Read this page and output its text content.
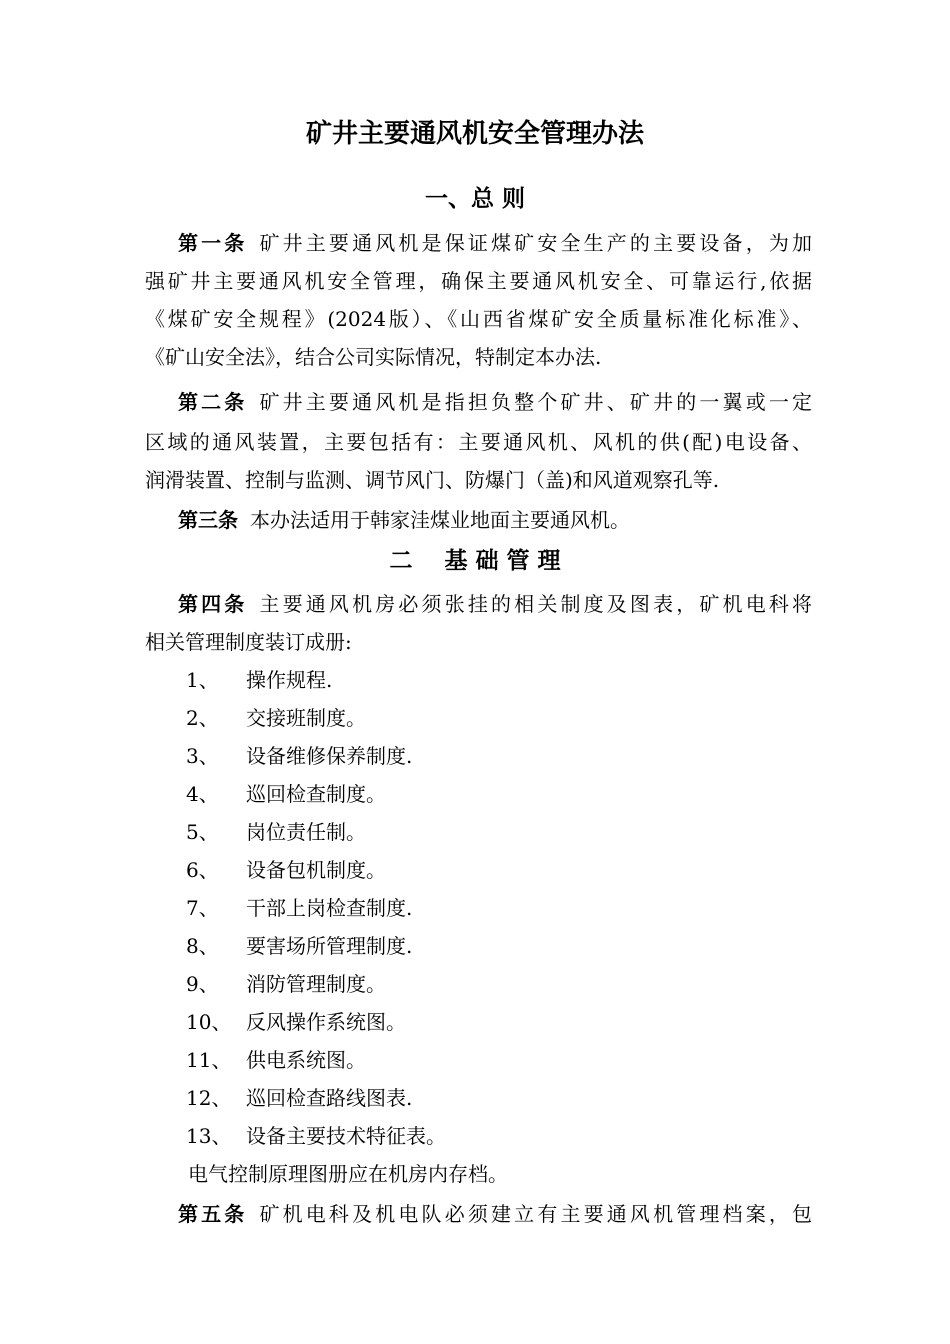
矿井主要通风机安全管理办法
一、总 则
第一条 矿井主要通风机是保证煤矿安全生产的主要设备，为加
强矿井主要通风机安全管理，确保主要通风机安全、可靠运行,依据
《煤矿安全规程》(2024版）、《山西省煤矿安全质量标准化标准》、
《矿山安全法》，结合公司实际情况，特制定本办法.
第二条 矿井主要通风机是指担负整个矿井、矿井的一翼或一定
区域的通风装置，主要包括有：主要通风机、风机的供(配)电设备、
润滑装置、控制与监测、调节风门、防爆门（盖)和风道观察孔等.
第三条 本办法适用于韩家洼煤业地面主要通风机。
二    基 础 管 理
第四条 主要通风机房必须张挂的相关制度及图表，矿机电科将
相关管理制度装订成册:
1、 操作规程.
2、 交接班制度。
3、 设备维修保养制度.
4、 巡回检查制度。
5、 岗位责任制。
6、 设备包机制度。
7、 干部上岗检查制度.
8、 要害场所管理制度.
9、 消防管理制度。
10、 反风操作系统图。
11、 供电系统图。
12、 巡回检查路线图表.
13、 设备主要技术特征表。
电气控制原理图册应在机房内存档。
第五条 矿机电科及机电队必须建立有主要通风机管理档案，包
